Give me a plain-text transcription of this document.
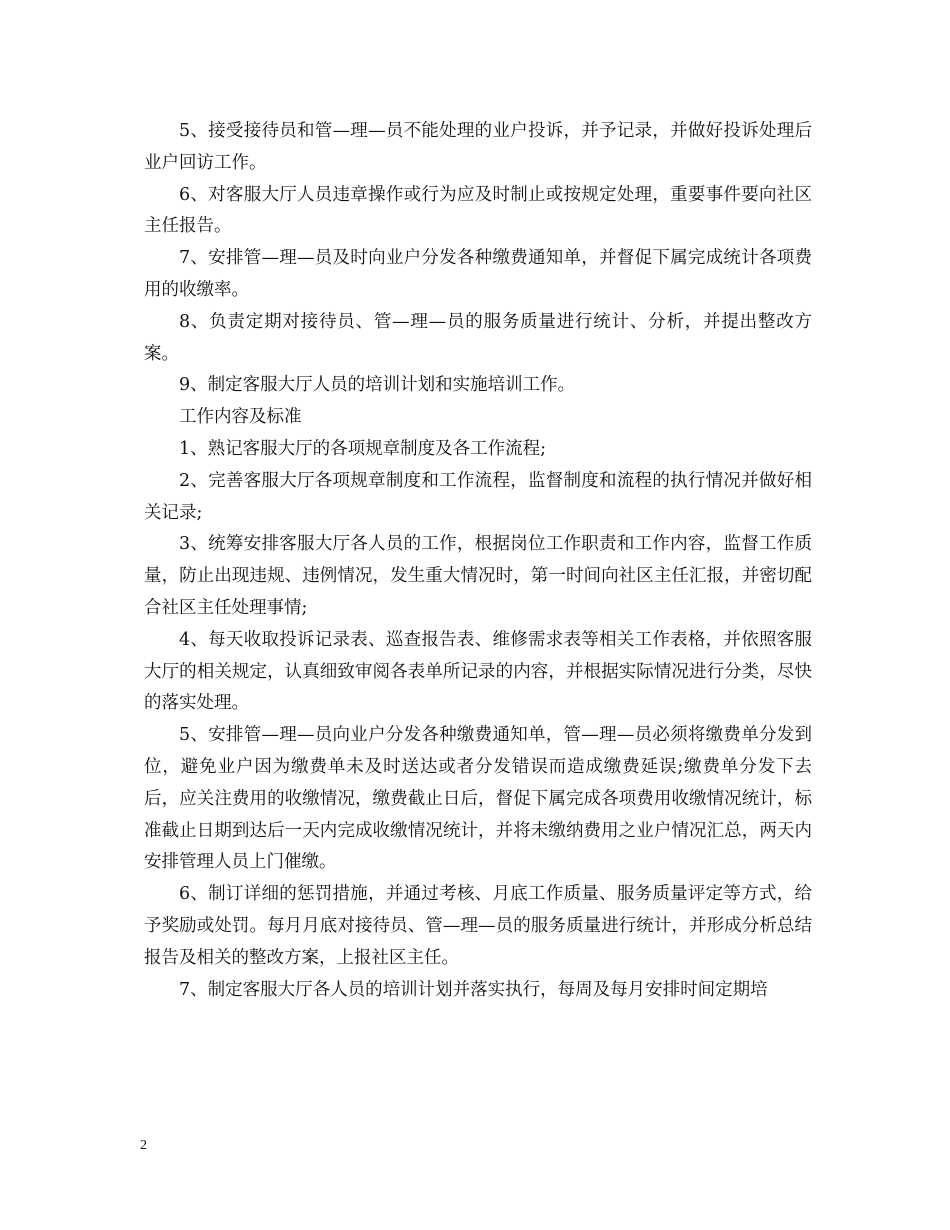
5、接受接待员和管—理—员不能处理的业户投诉，并予记录，并做好投诉处理后业户回访工作。

6、对客服大厅人员违章操作或行为应及时制止或按规定处理，重要事件要向社区主任报告。

7、安排管—理—员及时向业户分发各种缴费通知单，并督促下属完成统计各项费用的收缴率。

8、负责定期对接待员、管—理—员的服务质量进行统计、分析，并提出整改方案。

9、制定客服大厅人员的培训计划和实施培训工作。

工作内容及标准

1、熟记客服大厅的各项规章制度及各工作流程;

2、完善客服大厅各项规章制度和工作流程，监督制度和流程的执行情况并做好相关记录;

3、统筹安排客服大厅各人员的工作，根据岗位工作职责和工作内容，监督工作质量，防止出现违规、违例情况，发生重大情况时，第一时间向社区主任汇报，并密切配合社区主任处理事情;

4、每天收取投诉记录表、巡查报告表、维修需求表等相关工作表格，并依照客服大厅的相关规定，认真细致审阅各表单所记录的内容，并根据实际情况进行分类，尽快的落实处理。

5、安排管—理—员向业户分发各种缴费通知单，管—理—员必须将缴费单分发到位，避免业户因为缴费单未及时送达或者分发错误而造成缴费延误;缴费单分发下去后，应关注费用的收缴情况，缴费截止日后，督促下属完成各项费用收缴情况统计，标准截止日期到达后一天内完成收缴情况统计，并将未缴纳费用之业户情况汇总，两天内安排管理人员上门催缴。

6、制订详细的惩罚措施，并通过考核、月底工作质量、服务质量评定等方式，给予奖励或处罚。每月月底对接待员、管—理—员的服务质量进行统计，并形成分析总结报告及相关的整改方案，上报社区主任。

7、制定客服大厅各人员的培训计划并落实执行，每周及每月安排时间定期培

2
